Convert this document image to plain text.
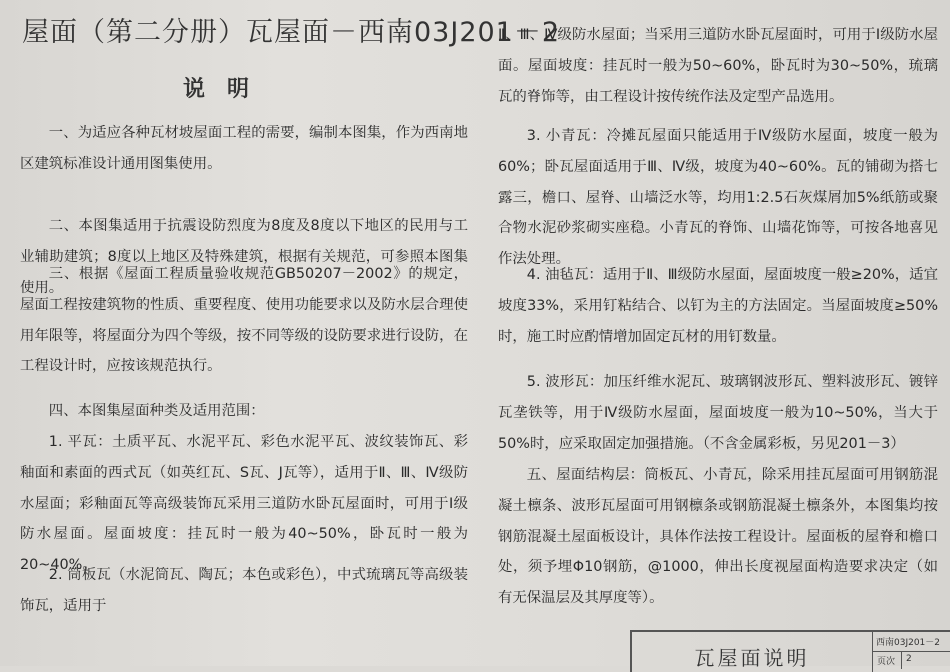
屋面（第二分册）瓦屋面－西南03J201－2
说明
一、为适应各种瓦材坡屋面工程的需要，编制本图集，作为西南地区建筑标准设计通用图集使用。
二、本图集适用于抗震设防烈度为8度及8度以下地区的民用与工业辅助建筑；8度以上地区及特殊建筑，根据有关规范，可参照本图集使用。
三、根据《屋面工程质量验收规范GB50207－2002》的规定，屋面工程按建筑物的性质、重要程度、使用功能要求以及防水层合理使用年限等，将屋面分为四个等级，按不同等级的设防要求进行设防，在工程设计时，应按该规范执行。
四、本图集屋面种类及适用范围：
1. 平瓦：土质平瓦、水泥平瓦、彩色水泥平瓦、波纹装饰瓦、彩釉面和素面的西式瓦（如英红瓦、S瓦、J瓦等），适用于Ⅱ、Ⅲ、Ⅳ级防水屋面；彩釉面瓦等高级装饰瓦采用三道防水卧瓦屋面时，可用于Ⅰ级防水屋面。屋面坡度：挂瓦时一般为40~50%，卧瓦时一般为20~40%。
2. 筒板瓦（水泥筒瓦、陶瓦；本色或彩色），中式琉璃瓦等高级装饰瓦，适用于
Ⅱ、Ⅲ、Ⅳ级防水屋面；当采用三道防水卧瓦屋面时，可用于Ⅰ级防水屋面。屋面坡度：挂瓦时一般为50~60%，卧瓦时为30~50%，琉璃瓦的脊饰等，由工程设计按传统作法及定型产品选用。
3. 小青瓦：冷摊瓦屋面只能适用于Ⅳ级防水屋面，坡度一般为60%；卧瓦屋面适用于Ⅲ、Ⅳ级，坡度为40~60%。瓦的铺砌为搭七露三，檐口、屋脊、山墙泛水等，均用1:2.5石灰煤屑加5%纸筋或聚合物水泥砂浆砌实座稳。小青瓦的脊饰、山墙花饰等，可按各地喜见作法处理。
4. 油毡瓦：适用于Ⅱ、Ⅲ级防水屋面，屋面坡度一般≥20%，适宜坡度33%，采用钉粘结合、以钉为主的方法固定。当屋面坡度≥50%时，施工时应酌情增加固定瓦材的用钉数量。
5. 波形瓦：加压纤维水泥瓦、玻璃钢波形瓦、塑料波形瓦、镀锌瓦垄铁等，用于Ⅳ级防水屋面，屋面坡度一般为10~50%，当大于50%时，应采取固定加强措施。（不含金属彩板，另见201－3）
五、屋面结构层：筒板瓦、小青瓦，除采用挂瓦屋面可用钢筋混凝土檩条、波形瓦屋面可用钢檩条或钢筋混凝土檩条外，本图集均按钢筋混凝土屋面板设计，具体作法按工程设计。屋面板的屋脊和檐口处，须予埋Φ10钢筋，@1000，伸出长度视屋面构造要求决定（如有无保温层及其厚度等）。
瓦屋面说明
西南03J201－2
页次	2
